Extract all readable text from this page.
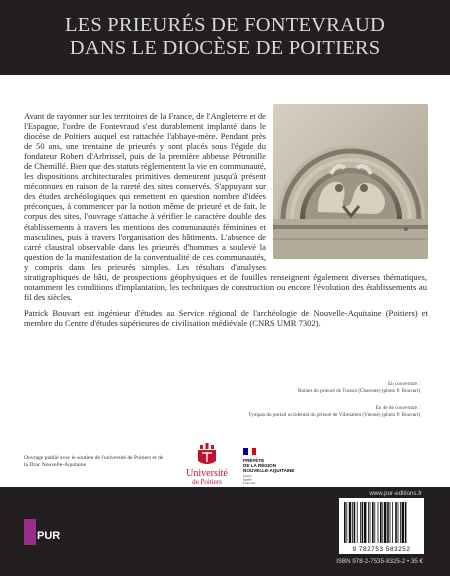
LES PRIEURÉS DE FONTEVRAUD
DANS LE DIOCÈSE DE POITIERS

Avant de rayonner sur les territoires de la France, de l'Angleterre et de l'Espagne, l'ordre de Fontevraud s'est durablement implanté dans le diocèse de Poitiers auquel est rattachée l'abbaye-mère. Pendant près de 50 ans, une trentaine de prieurés y sont placés sous l'égide du fondateur Robert d'Arbrissel, puis de la première abbesse Pétronille de Chemillé. Bien que des statuts réglementent la vie en communauté, les dispositions architecturales primitives demeurent jusqu'à présent méconnues en raison de la rareté des sites conservés. S'appuyant sur des études archéologiques qui remettent en question nombre d'idées préconçues, à commencer par la notion même de prieuré et de fait, le corpus des sites, l'ouvrage s'attache à vérifier le caractère double des établissements à travers les mentions des communautés féminines et masculines, puis à travers l'organisation des bâtiments. L'absence de carré claustral observable dans les prieurés d'hommes a soulevé la question de la manifestation de la conventualité de ces communautés, y compris dans les prieurés simples. Les résultats d'analyses stratigraphiques de bâti, de prospections géophysiques et de fouilles renseignent également diverses thématiques, notamment les conditions d'implantation, les techniques de construction ou encore l'évolution des établissements au fil des siècles.

Patrick Bouvart est ingénieur d'études au Service régional de l'archéologie de Nouvelle-Aquitaine (Poitiers) et membre du Centre d'études supérieures de civilisation médiévale (CNRS UMR 7302).

En couverture :
Ruines du prieuré de Tusson (Charente) (photo P. Bouvart)
En 4e de couverture :
Tympan du portail occidental du prieuré de Villesalem (Vienne) (photo P. Bouvart)
Ouvrage publié avec le soutien de l'université de Poitiers et de la Drac Nouvelle-Aquitaine
Université
de Poitiers
PRÉFÈTE
DE LA RÉGION
NOUVELLE-AQUITAINE
Liberté
Égalité
Fraternité
PUR
www.pur-editions.fr
9 782753 583252
ISBN 978-2-7535-8325-2 • 35 €
